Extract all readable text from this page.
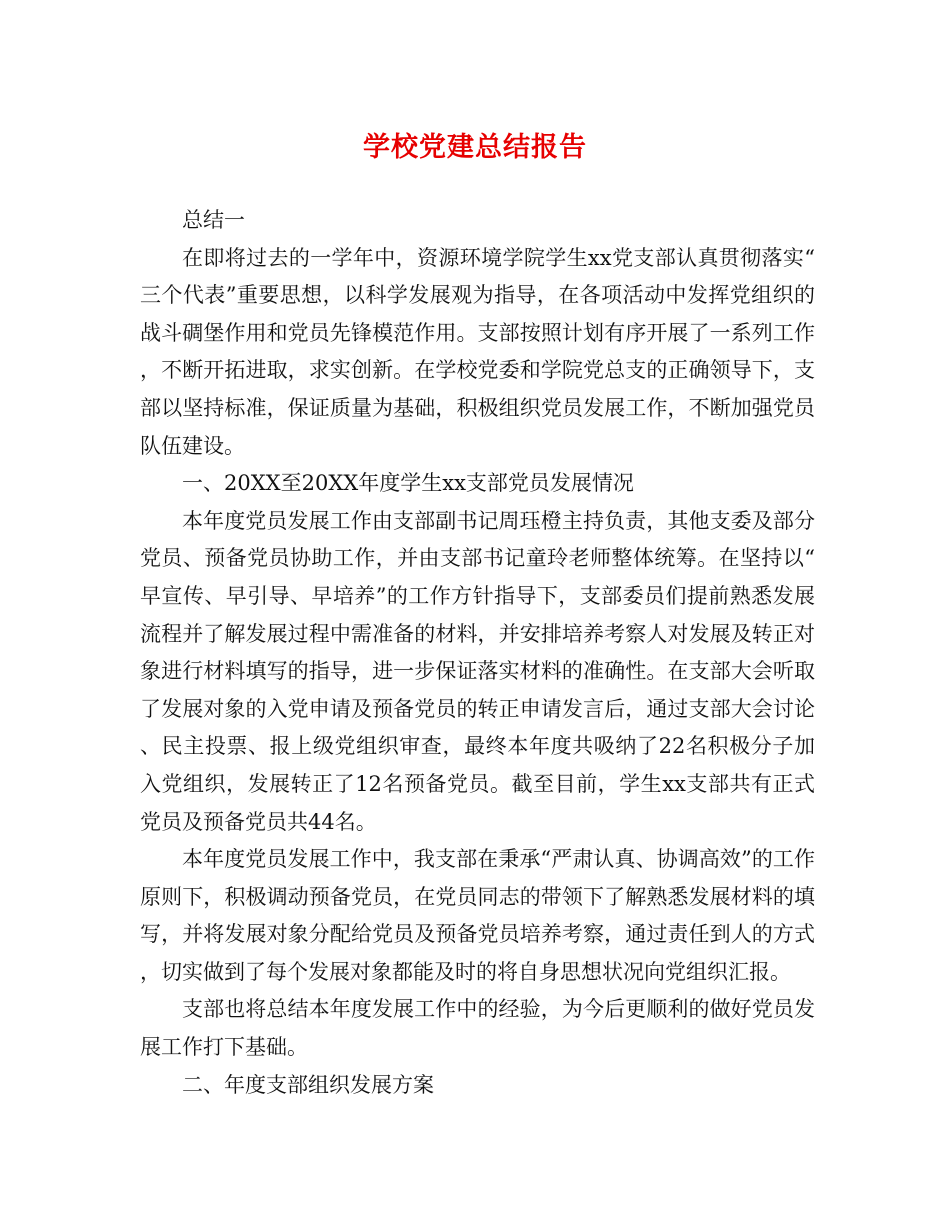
学校党建总结报告

总结一

在即将过去的一学年中，资源环境学院学生xx党支部认真贯彻落实“三个代表”重要思想，以科学发展观为指导，在各项活动中发挥党组织的战斗碉堡作用和党员先锋模范作用。支部按照计划有序开展了一系列工作，不断开拓进取，求实创新。在学校党委和学院党总支的正确领导下，支部以坚持标准，保证质量为基础，积极组织党员发展工作，不断加强党员队伍建设。

一、20XX至20XX年度学生xx支部党员发展情况

本年度党员发展工作由支部副书记周珏橙主持负责，其他支委及部分党员、预备党员协助工作，并由支部书记童玲老师整体统筹。在坚持以“早宣传、早引导、早培养”的工作方针指导下，支部委员们提前熟悉发展流程并了解发展过程中需准备的材料，并安排培养考察人对发展及转正对象进行材料填写的指导，进一步保证落实材料的准确性。在支部大会听取了发展对象的入党申请及预备党员的转正申请发言后，通过支部大会讨论、民主投票、报上级党组织审查，最终本年度共吸纳了22名积极分子加入党组织，发展转正了12名预备党员。截至目前，学生xx支部共有正式党员及预备党员共44名。

本年度党员发展工作中，我支部在秉承“严肃认真、协调高效”的工作原则下，积极调动预备党员，在党员同志的带领下了解熟悉发展材料的填写，并将发展对象分配给党员及预备党员培养考察，通过责任到人的方式，切实做到了每个发展对象都能及时的将自身思想状况向党组织汇报。

支部也将总结本年度发展工作中的经验，为今后更顺利的做好党员发展工作打下基础。

二、年度支部组织发展方案
